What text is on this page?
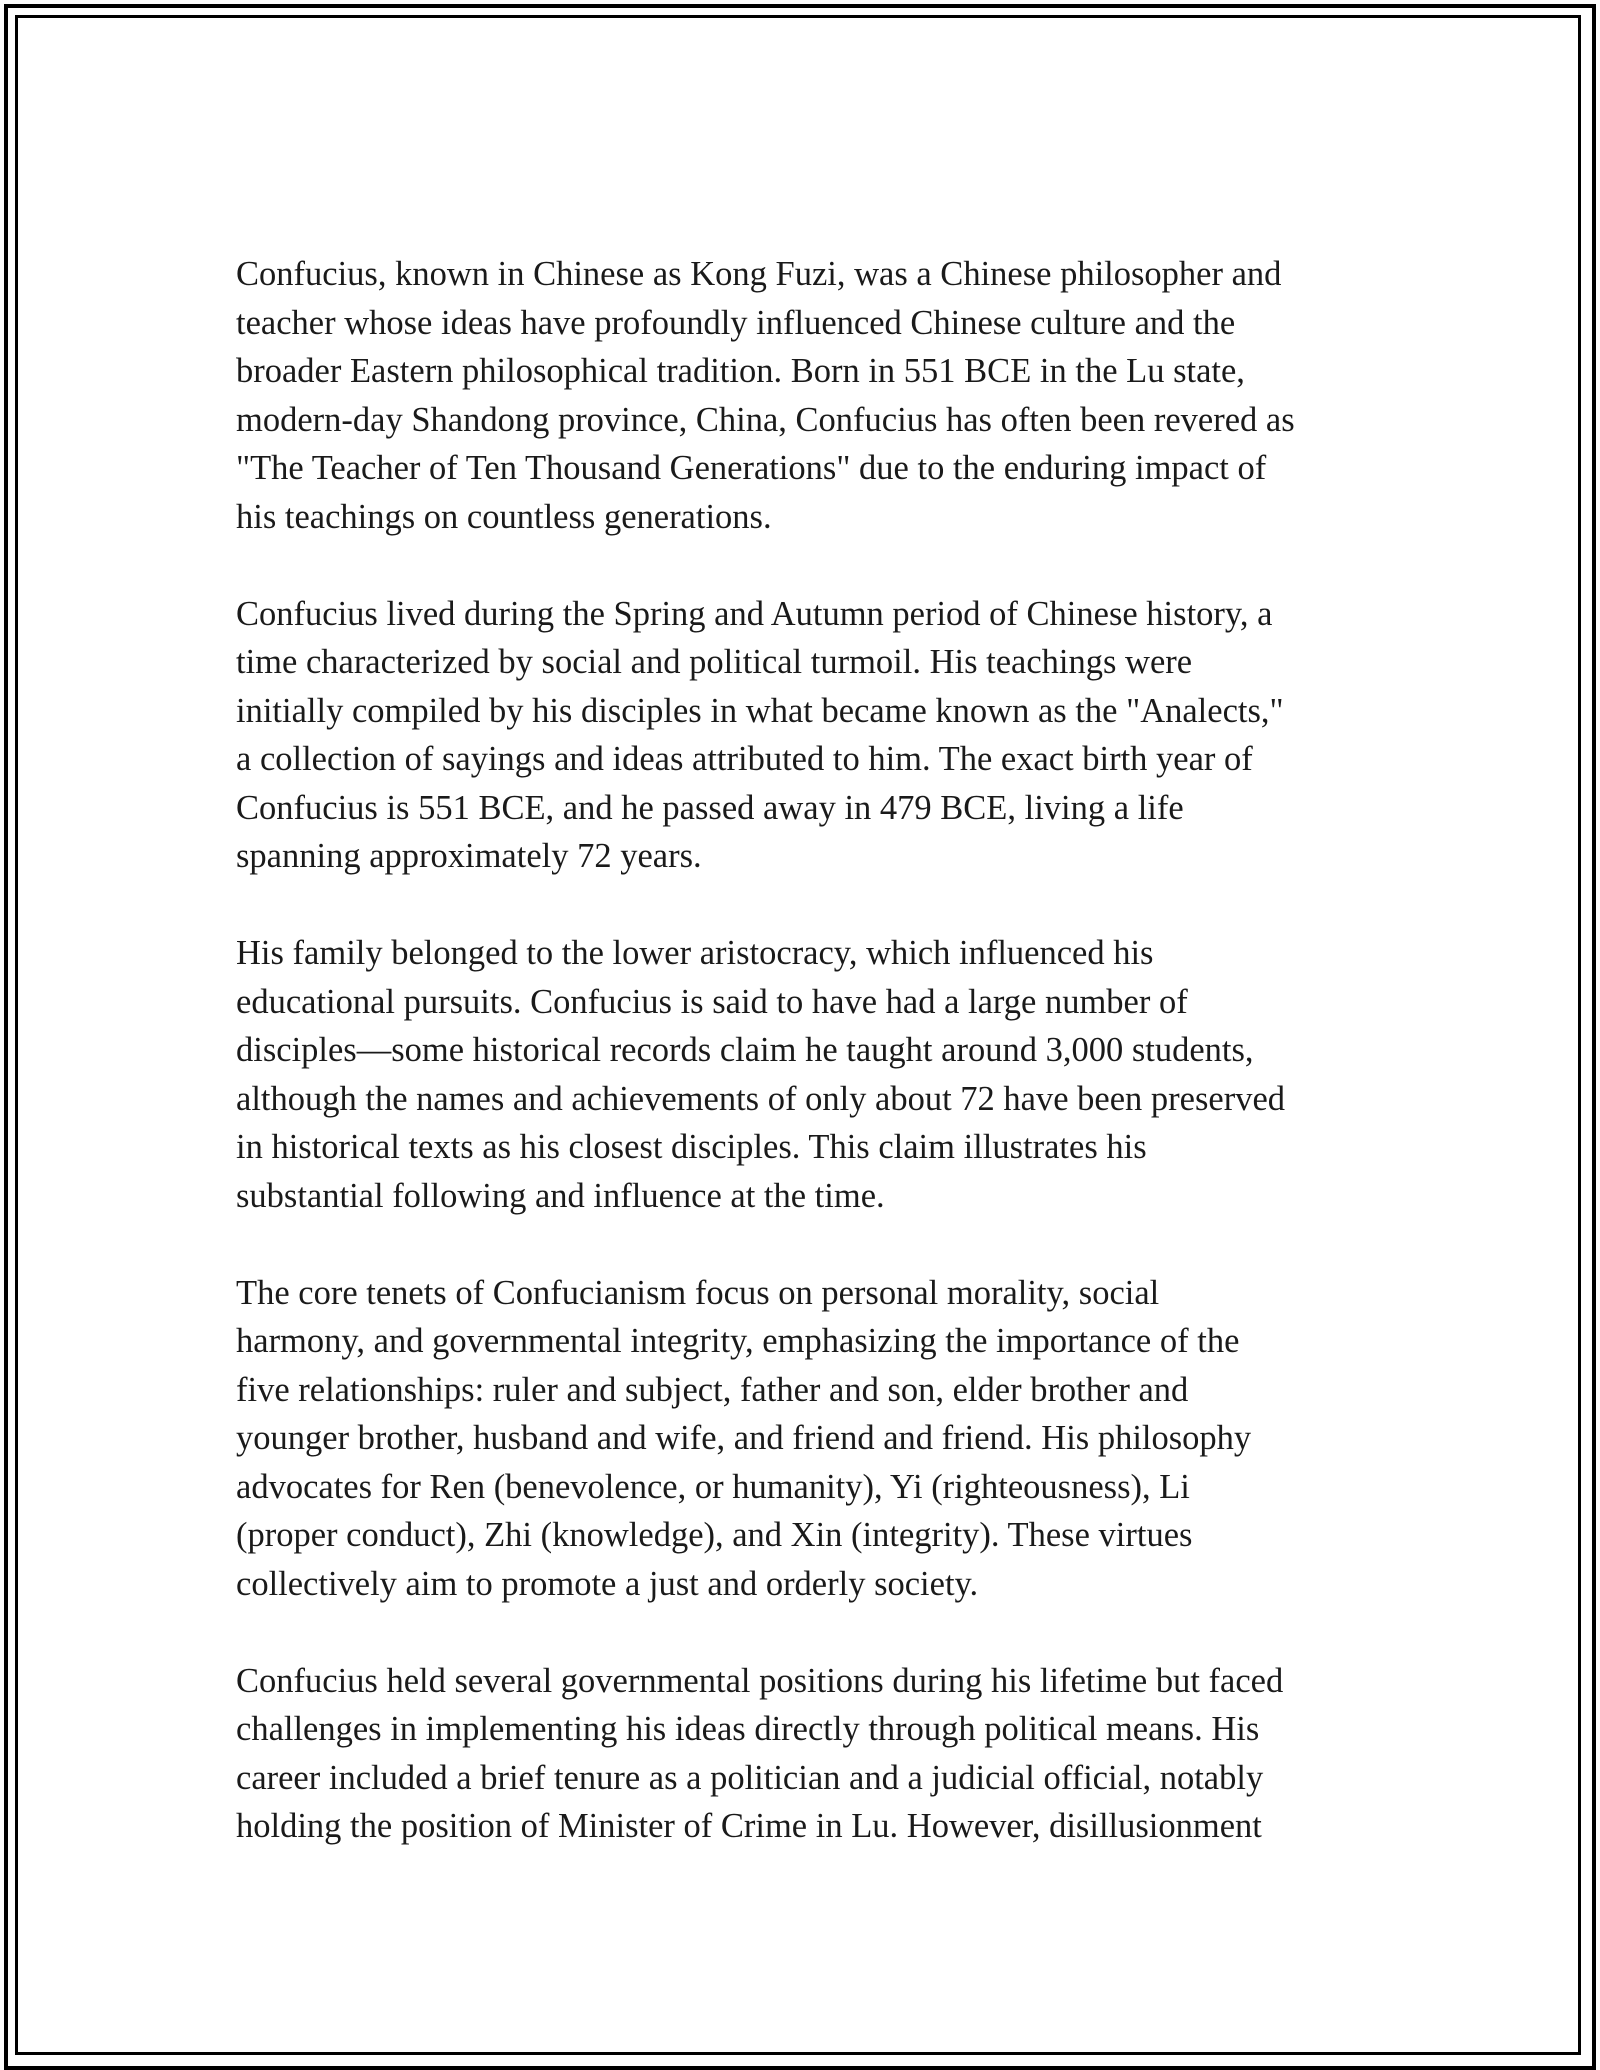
Confucius, known in Chinese as Kong Fuzi, was a Chinese philosopher and
teacher whose ideas have profoundly influenced Chinese culture and the
broader Eastern philosophical tradition. Born in 551 BCE in the Lu state,
modern-day Shandong province, China, Confucius has often been revered as
"The Teacher of Ten Thousand Generations" due to the enduring impact of
his teachings on countless generations.

Confucius lived during the Spring and Autumn period of Chinese history, a
time characterized by social and political turmoil. His teachings were
initially compiled by his disciples in what became known as the "Analects,"
a collection of sayings and ideas attributed to him. The exact birth year of
Confucius is 551 BCE, and he passed away in 479 BCE, living a life
spanning approximately 72 years.

His family belonged to the lower aristocracy, which influenced his
educational pursuits. Confucius is said to have had a large number of
disciples—some historical records claim he taught around 3,000 students,
although the names and achievements of only about 72 have been preserved
in historical texts as his closest disciples. This claim illustrates his
substantial following and influence at the time.

The core tenets of Confucianism focus on personal morality, social
harmony, and governmental integrity, emphasizing the importance of the
five relationships: ruler and subject, father and son, elder brother and
younger brother, husband and wife, and friend and friend. His philosophy
advocates for Ren (benevolence, or humanity), Yi (righteousness), Li
(proper conduct), Zhi (knowledge), and Xin (integrity). These virtues
collectively aim to promote a just and orderly society.

Confucius held several governmental positions during his lifetime but faced
challenges in implementing his ideas directly through political means. His
career included a brief tenure as a politician and a judicial official, notably
holding the position of Minister of Crime in Lu. However, disillusionment
